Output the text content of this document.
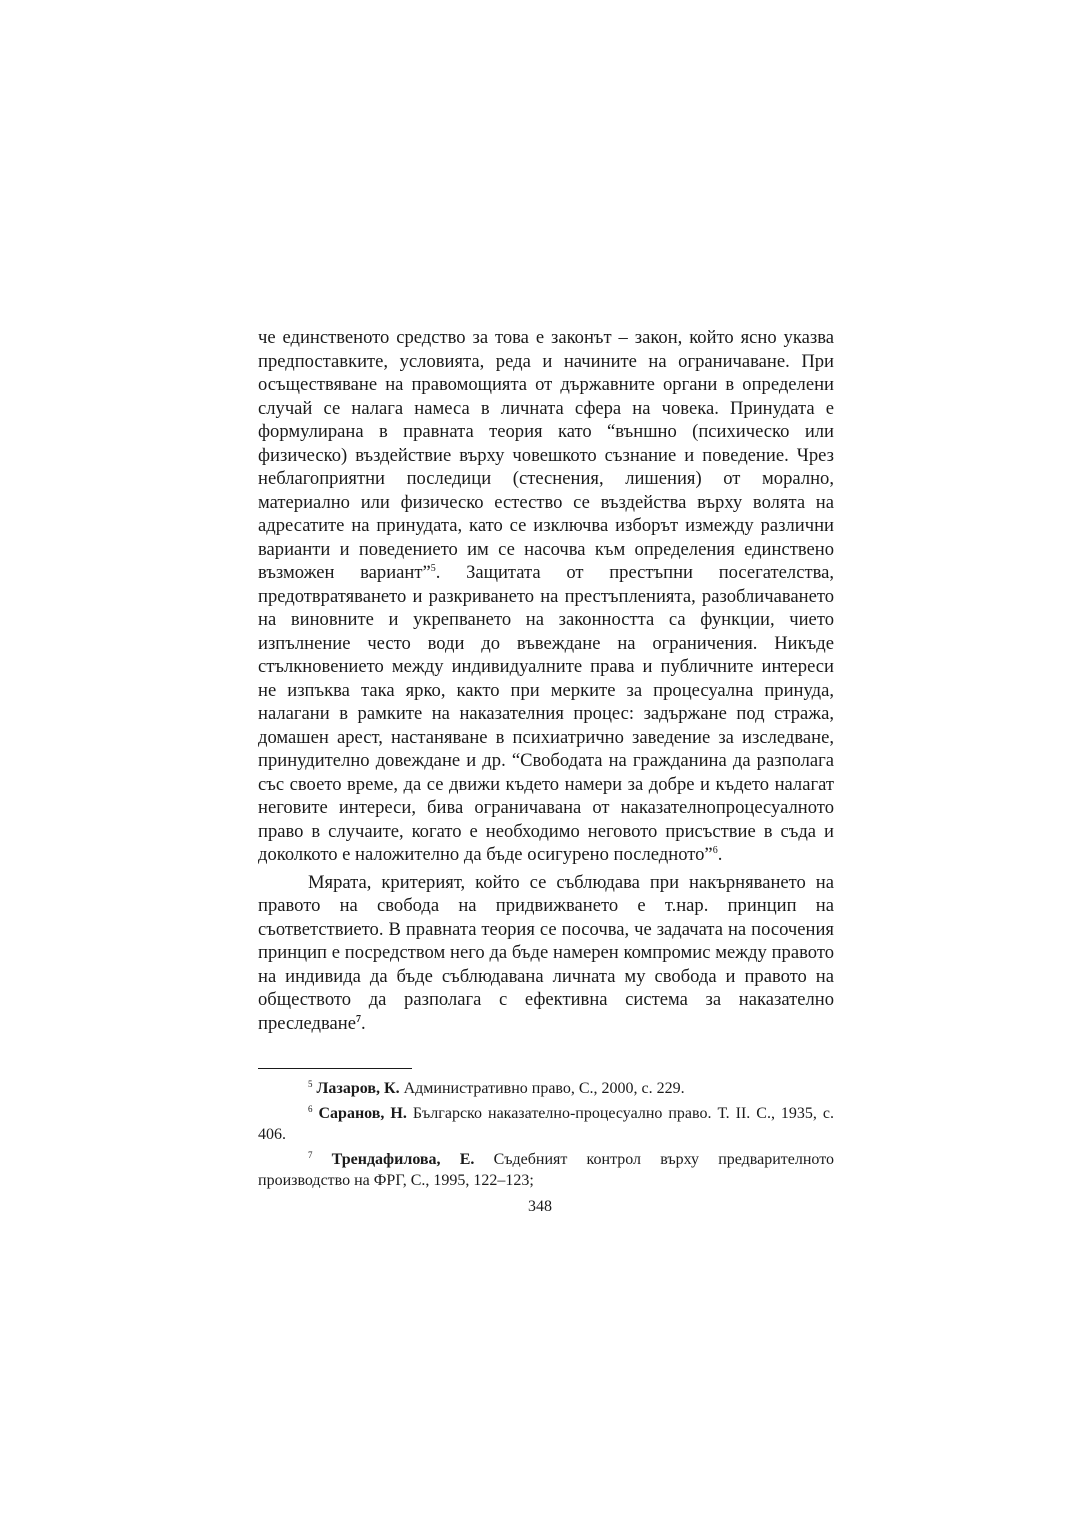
че единственото средство за това е законът – закон, който ясно указва предпоставките, условията, реда и начините на ограничаване. При осъществяване на правомощията от държавните органи в определени случай се налага намеса в личната сфера на човека. Принудата е формулирана в правната теория като “външно (психическо или физическо) въздействие върху човешкото съзнание и поведение. Чрез неблагоприятни последици (стеснения, лишения) от морално, материално или физическо естество се въздейства върху волята на адресатите на принудата, като се изключва изборът измежду различни варианти и поведението им се насочва към определения единствено възможен вариант”$^5$. Защитата от престъпни посегателства, предотвратяването и разкриването на престъпленията, разобличаването на виновните и укрепването на законността са функции, чието изпълнение често води до въвеждане на ограничения. Никъде стълкновението между индивидуалните права и публичните интереси не изпъква така ярко, както при мерките за процесуална принуда, налагани в рамките на наказателния процес: задържане под стража, домашен арест, настаняване в психиатрично заведение за изследване, принудително довеждане и др. “Свободата на гражданина да разполага със своето време, да се движи където намери за добре и където налагат неговите интереси, бива ограничавана от наказателнопроцесуалното право в случаите, когато е необходимо неговото присъствие в съда и доколкото е наложително да бъде осигурено последното”$^6$.

Мярата, критерият, който се съблюдава при накърняването на правото на свобода на придвижването е т.нар. принцип на съответствието. В правната теория се посочва, че задачата на посочения принцип е посредством него да бъде намерен компромис между правото на индивида да бъде съблюдавана личната му свобода и правото на обществото да разполага с ефективна система за наказателно преследване$^7$.

$^5$ Лазаров, К. Административно право, С., 2000, с. 229.

$^6$ Саранов, Н. Българско наказателно-процесуално право. Т. II. С., 1935, с. 406.

$^7$ Трендафилова, Е. Съдебният контрол върху предварителното производство на ФРГ, С., 1995, 122–123;

348
